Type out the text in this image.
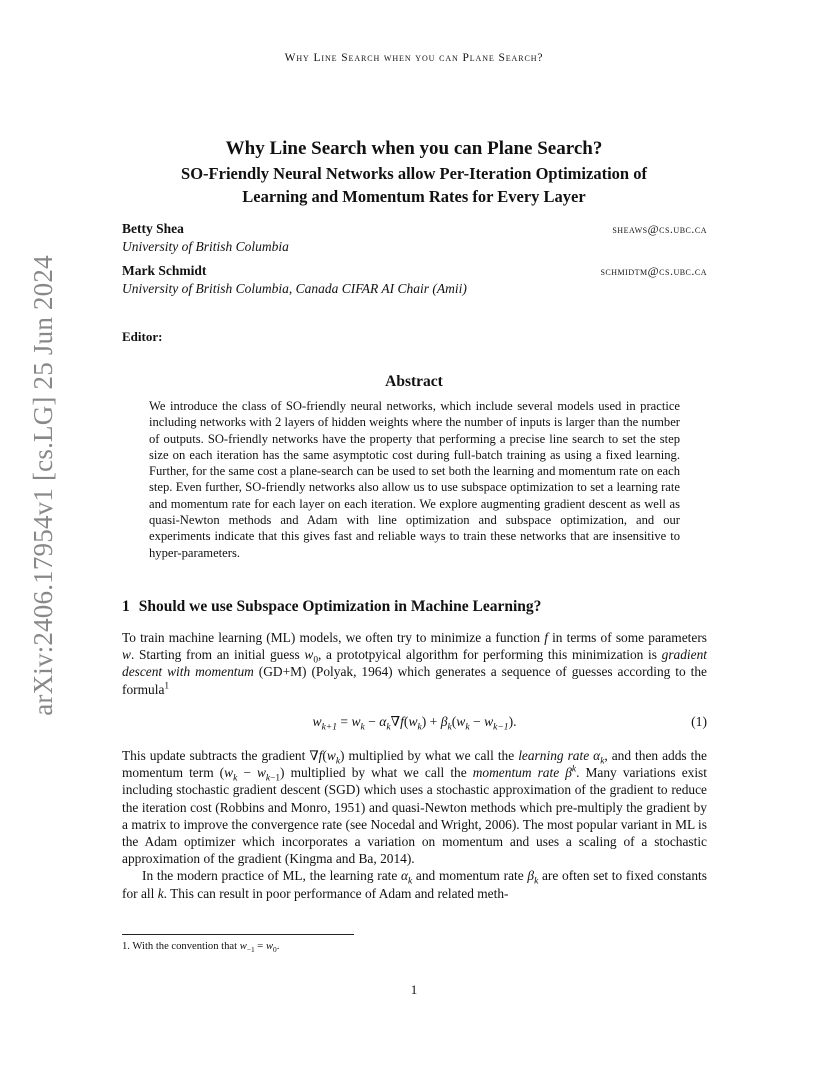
arXiv:2406.17954v1 [cs.LG] 25 Jun 2024
Why Line Search when you can Plane Search?
Why Line Search when you can Plane Search?
SO-Friendly Neural Networks allow Per-Iteration Optimization of
Learning and Momentum Rates for Every Layer
Betty Shea	sheaws@cs.ubc.ca
University of British Columbia
Mark Schmidt	schmidtm@cs.ubc.ca
University of British Columbia, Canada CIFAR AI Chair (Amii)
Editor:
Abstract
We introduce the class of SO-friendly neural networks, which include several models used in practice including networks with 2 layers of hidden weights where the number of inputs is larger than the number of outputs. SO-friendly networks have the property that performing a precise line search to set the step size on each iteration has the same asymptotic cost during full-batch training as using a fixed learning. Further, for the same cost a plane-search can be used to set both the learning and momentum rate on each step. Even further, SO-friendly networks also allow us to use subspace optimization to set a learning rate and momentum rate for each layer on each iteration. We explore augmenting gradient descent as well as quasi-Newton methods and Adam with line optimization and subspace optimization, and our experiments indicate that this gives fast and reliable ways to train these networks that are insensitive to hyper-parameters.
1 Should we use Subspace Optimization in Machine Learning?

To train machine learning (ML) models, we often try to minimize a function f in terms of some parameters w. Starting from an initial guess $w_0$, a prototpyical algorithm for performing this minimization is gradient descent with momentum (GD+M) (Polyak, 1964) which generates a sequence of guesses according to the formula$^1$

$w_{k+1} = w_k - \alpha_k\nabla f(w_k) + \beta_k(w_k - w_{k-1})$.	(1)

This update subtracts the gradient $\nabla f(w_k)$ multiplied by what we call the learning rate $\alpha_k$, and then adds the momentum term $(w_k - w_{k-1})$ multiplied by what we call the momentum rate $\beta^k$. Many variations exist including stochastic gradient descent (SGD) which uses a stochastic approximation of the gradient to reduce the iteration cost (Robbins and Monro, 1951) and quasi-Newton methods which pre-multiply the gradient by a matrix to improve the convergence rate (see Nocedal and Wright, 2006). The most popular variant in ML is the Adam optimizer which incorporates a variation on momentum and uses a scaling of a stochastic approximation of the gradient (Kingma and Ba, 2014).

In the modern practice of ML, the learning rate $\alpha_k$ and momentum rate $\beta_k$ are often set to fixed constants for all k. This can result in poor performance of Adam and related meth-

1. With the convention that $w_{-1} = w_0$.
1
